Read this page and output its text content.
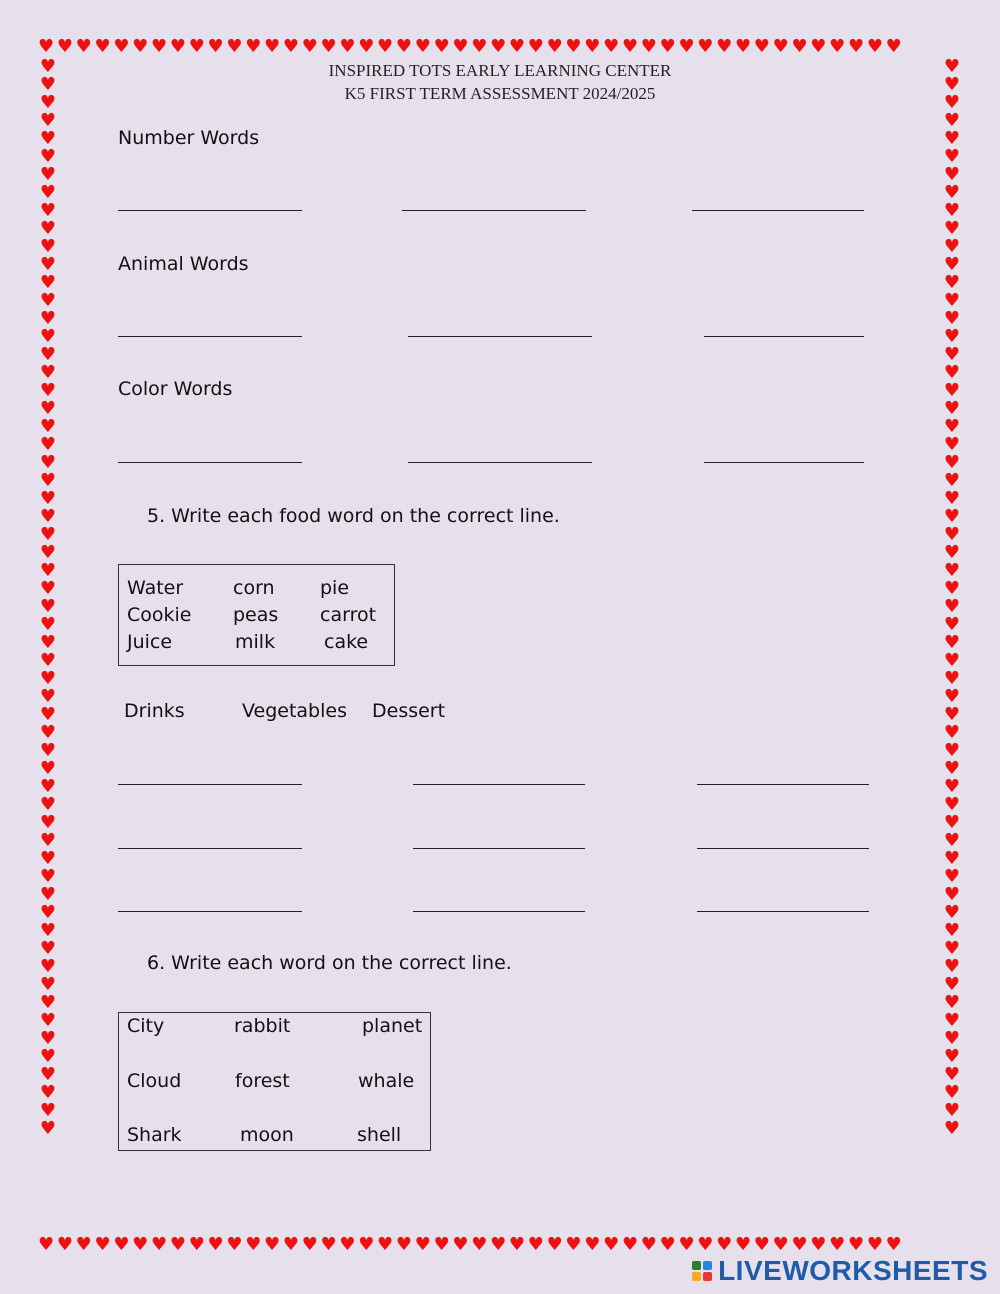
♥♥♥♥♥♥♥♥♥♥♥♥♥♥♥♥♥♥♥♥♥♥♥♥♥♥♥♥♥♥♥♥♥♥♥♥♥♥♥♥♥♥♥♥♥♥
♥♥♥♥♥♥♥♥♥♥♥♥♥♥♥♥♥♥♥♥♥♥♥♥♥♥♥♥♥♥♥♥♥♥♥♥♥♥♥♥♥♥♥♥♥♥
♥♥♥♥♥♥♥♥♥♥♥♥♥♥♥♥♥♥♥♥♥♥♥♥♥♥♥♥♥♥♥♥♥♥♥♥♥♥♥♥♥♥♥♥♥♥♥♥♥♥♥♥♥♥♥♥♥♥♥♥
♥♥♥♥♥♥♥♥♥♥♥♥♥♥♥♥♥♥♥♥♥♥♥♥♥♥♥♥♥♥♥♥♥♥♥♥♥♥♥♥♥♥♥♥♥♥♥♥♥♥♥♥♥♥♥♥♥♥♥♥
INSPIRED TOTS EARLY LEARNING CENTER
K5 FIRST TERM ASSESSMENT 2024/2025
Number Words
Animal Words
Color Words
5. Write each food word on the correct line.
Water	corn pie
Cookie peas carrot
Juice	milk	cake
Drinks	Vegetables Dessert
6. Write each word on the correct line.
City	rabbit	planet
Cloud	forest	whale
Shark	moon	shell
LIVEWORKSHEETS
